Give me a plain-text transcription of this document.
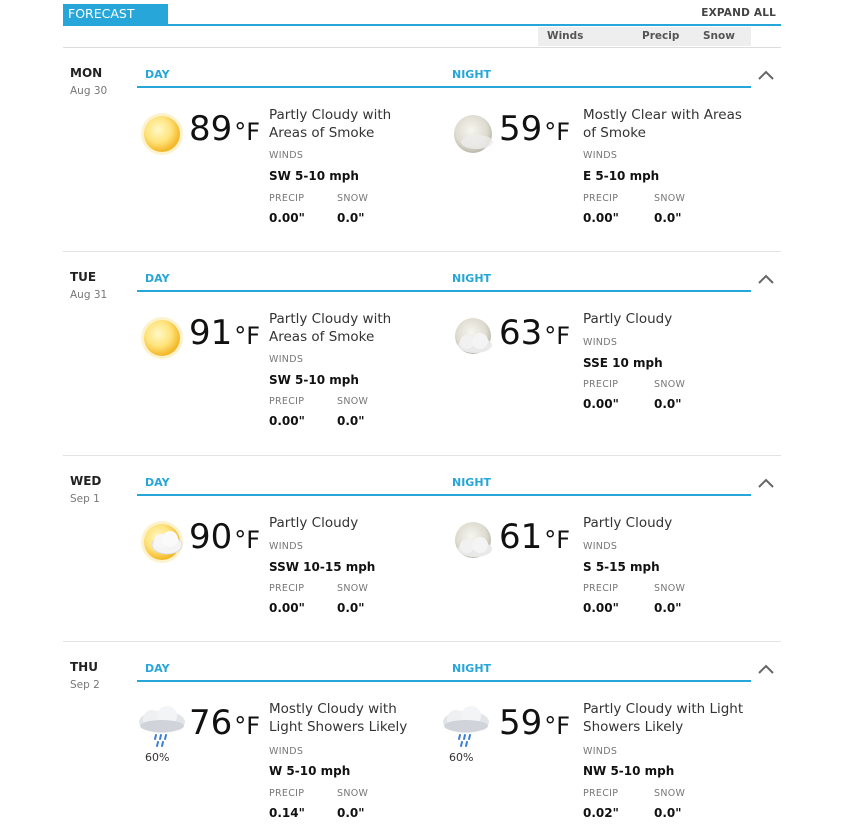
FORECAST	EXPAND ALL
Winds	Precip Snow
MON
Aug 30
DAY	NIGHT
89°F
Partly Cloudy with
Areas of Smoke
WINDS
SW 5-10 mph
PRECIP
0.00"
SNOW
0.0"
59°F
Mostly Clear with Areas
of Smoke
WINDS
E 5-10 mph
PRECIP
0.00"
SNOW
0.0"
TUE
Aug 31
DAY	NIGHT
91°F
Partly Cloudy with
Areas of Smoke
WINDS
SW 5-10 mph
PRECIP
0.00"
SNOW
0.0"
63°F
Partly Cloudy
WINDS
SSE 10 mph
PRECIP
0.00"
SNOW
0.0"
WED
Sep 1
DAY	NIGHT
90°F
Partly Cloudy
WINDS
SSW 10-15 mph
PRECIP
0.00"
SNOW
0.0"
61°F
Partly Cloudy
WINDS
S 5-15 mph
PRECIP
0.00"
SNOW
0.0"
THU
Sep 2
DAY	NIGHT
60%
76°F
Mostly Cloudy with
Light Showers Likely
WINDS
W 5-10 mph
PRECIP
0.14"
SNOW
0.0"
60%
59°F
Partly Cloudy with Light
Showers Likely
WINDS
NW 5-10 mph
PRECIP
0.02"
SNOW
0.0"
